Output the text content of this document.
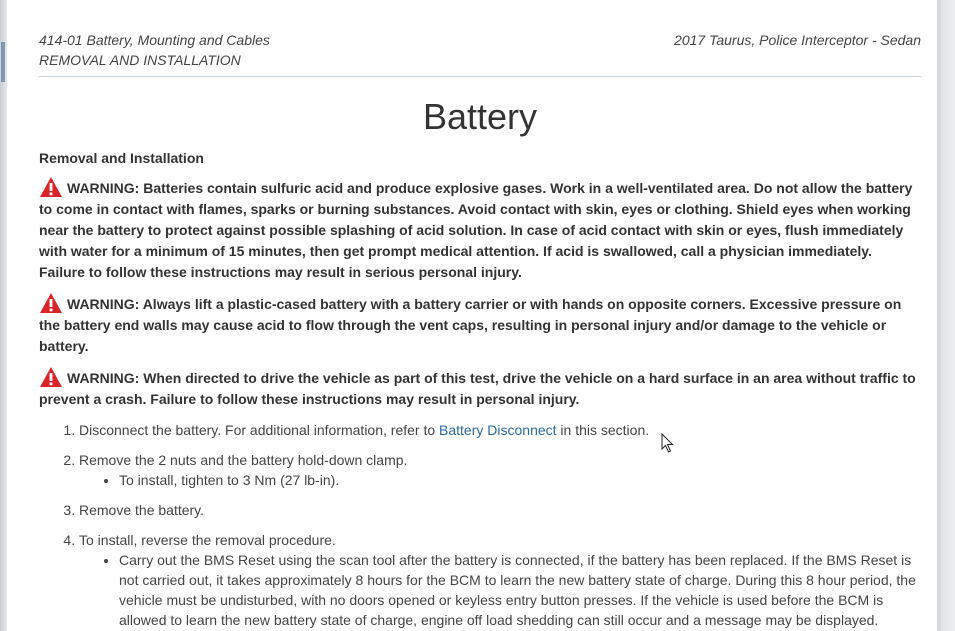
414-01 Battery, Mounting and Cables
REMOVAL AND INSTALLATION
2017 Taurus, Police Interceptor - Sedan
Battery
Removal and Installation
WARNING: Batteries contain sulfuric acid and produce explosive gases. Work in a well-ventilated area. Do not allow the battery to come in contact with flames, sparks or burning substances. Avoid contact with skin, eyes or clothing. Shield eyes when working near the battery to protect against possible splashing of acid solution. In case of acid contact with skin or eyes, flush immediately with water for a minimum of 15 minutes, then get prompt medical attention. If acid is swallowed, call a physician immediately. Failure to follow these instructions may result in serious personal injury.
WARNING: Always lift a plastic-cased battery with a battery carrier or with hands on opposite corners. Excessive pressure on the battery end walls may cause acid to flow through the vent caps, resulting in personal injury and/or damage to the vehicle or battery.
WARNING: When directed to drive the vehicle as part of this test, drive the vehicle on a hard surface in an area without traffic to prevent a crash. Failure to follow these instructions may result in personal injury.
1. Disconnect the battery. For additional information, refer to Battery Disconnect in this section.
2. Remove the 2 nuts and the battery hold-down clamp.
• To install, tighten to 3 Nm (27 lb-in).
3. Remove the battery.
4. To install, reverse the removal procedure.
• Carry out the BMS Reset using the scan tool after the battery is connected, if the battery has been replaced. If the BMS Reset is not carried out, it takes approximately 8 hours for the BCM to learn the new battery state of charge. During this 8 hour period, the vehicle must be undisturbed, with no doors opened or keyless entry button presses. If the vehicle is used before the BCM is allowed to learn the new battery state of charge, engine off load shedding can still occur and a message may be displayed.
